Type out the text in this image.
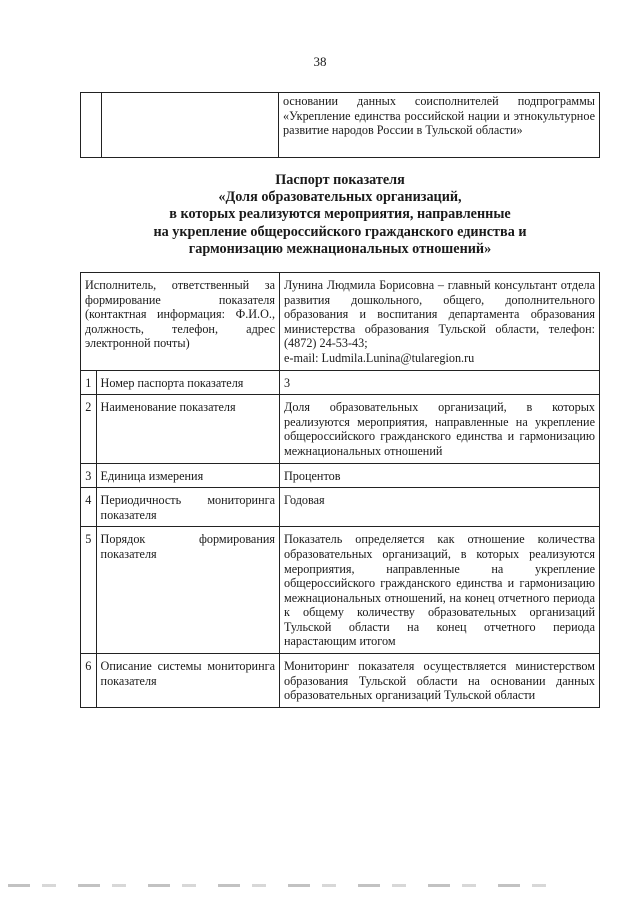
38
		основании данных соисполнителей подпрограммы «Укрепление единства российской нации и этнокультурное развитие народов России в Тульской области»
Паспорт показателя
«Доля образовательных организаций,
в которых реализуются мероприятия, направленные
на укрепление общероссийского гражданского единства и
гармонизацию межнациональных отношений»
Исполнитель, ответственный за формирование показателя (контактная информация: Ф.И.О., должность, телефон, адрес электронной почты)		Лунина Людмила Борисовна – главный консультант отдела развития дошкольного, общего, дополнительного образования и воспитания департамента образования министерства образования Тульской области, телефон: (4872) 24-53-43;
e-mail: Ludmila.Lunina@tularegion.ru
1	Номер паспорта показателя	3
2	Наименование показателя	Доля образовательных организаций, в которых реализуются мероприятия, направленные на укрепление общероссийского гражданского единства и гармонизацию межнациональных отношений
3	Единица измерения	Процентов
4	Периодичность мониторинга показателя	Годовая
5	Порядок формирования показателя	Показатель определяется как отношение количества образовательных организаций, в которых реализуются мероприятия, направленные на укрепление общероссийского гражданского единства и гармонизацию межнациональных отношений, на конец отчетного периода к общему количеству образовательных организаций Тульской области на конец отчетного периода нарастающим итогом
6	Описание системы мониторинга показателя	Мониторинг показателя осуществляется министерством образования Тульской области на основании данных образовательных организаций Тульской области
